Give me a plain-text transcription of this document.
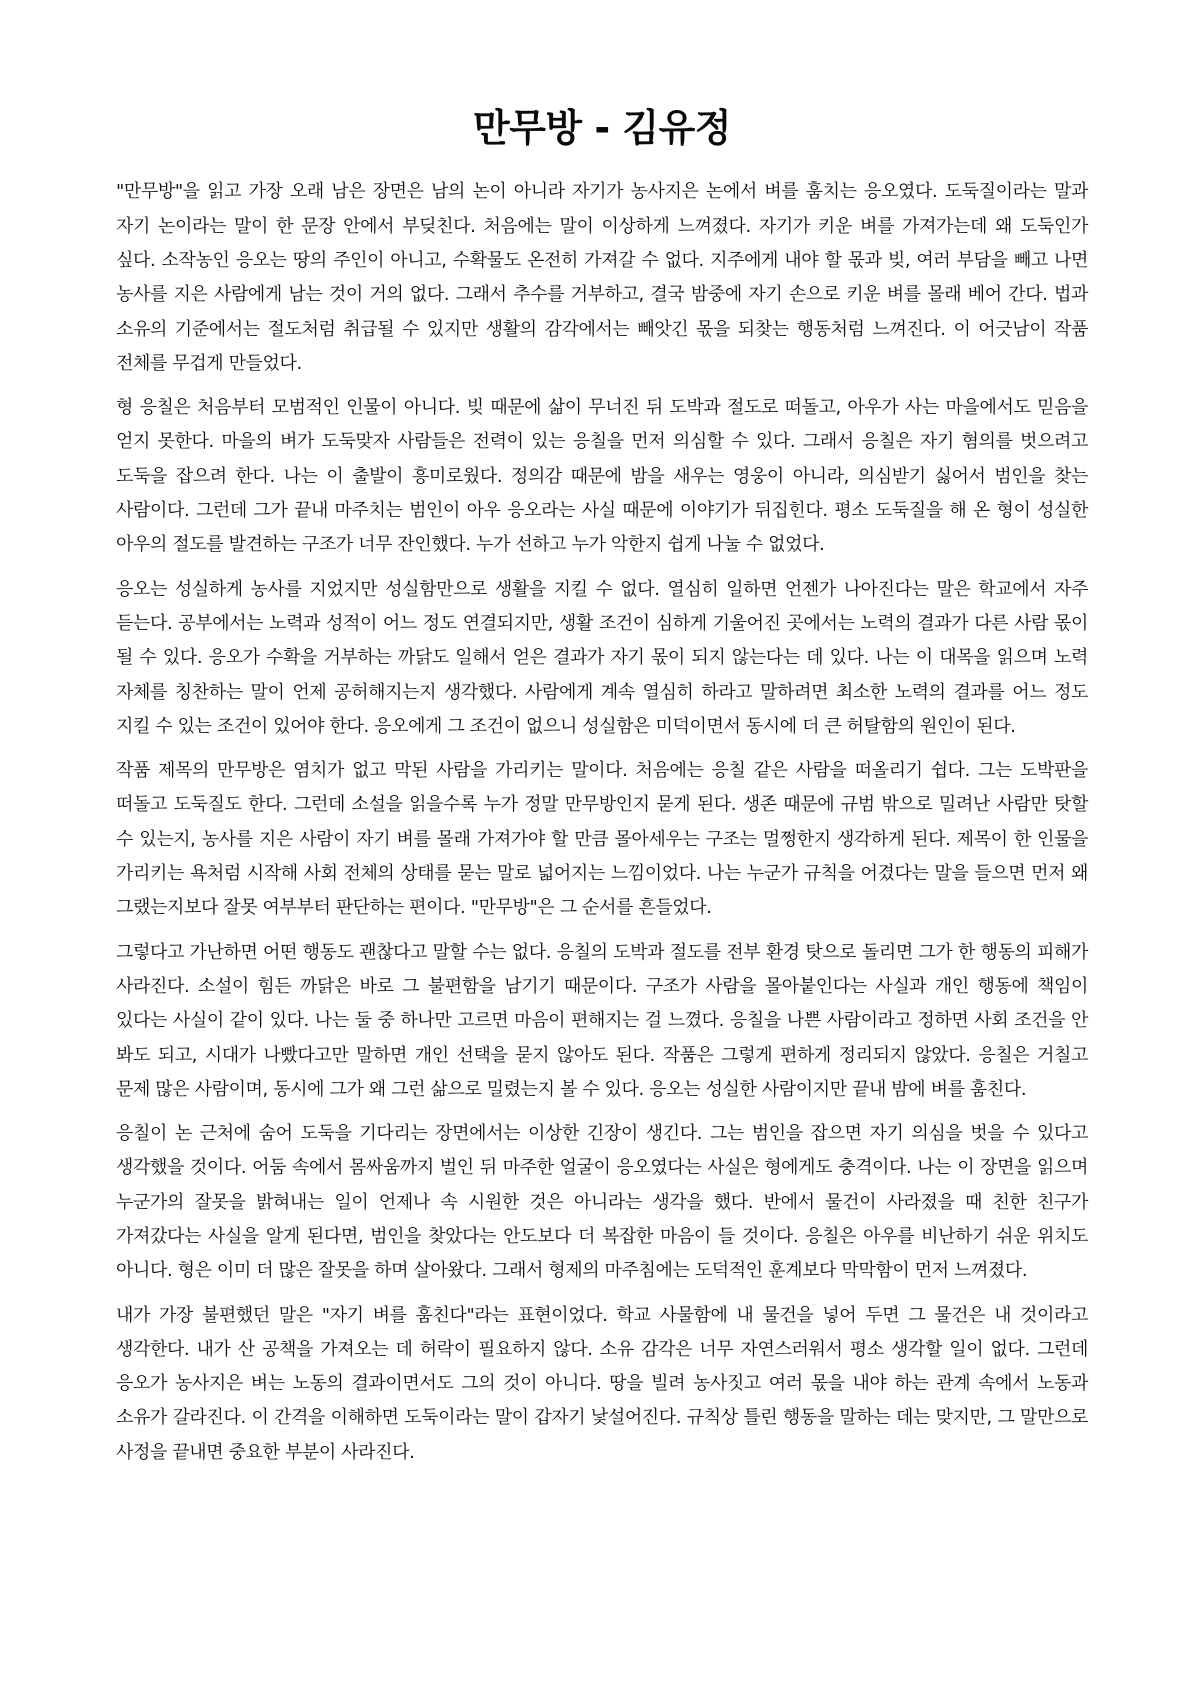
만무방 - 김유정

"만무방"을 읽고 가장 오래 남은 장면은 남의 논이 아니라 자기가 농사지은 논에서 벼를 훔치는 응오였다. 도둑질이라는 말과 자기 논이라는 말이 한 문장 안에서 부딪친다. 처음에는 말이 이상하게 느껴졌다. 자기가 키운 벼를 가져가는데 왜 도둑인가 싶다. 소작농인 응오는 땅의 주인이 아니고, 수확물도 온전히 가져갈 수 없다. 지주에게 내야 할 몫과 빚, 여러 부담을 빼고 나면 농사를 지은 사람에게 남는 것이 거의 없다. 그래서 추수를 거부하고, 결국 밤중에 자기 손으로 키운 벼를 몰래 베어 간다. 법과 소유의 기준에서는 절도처럼 취급될 수 있지만 생활의 감각에서는 빼앗긴 몫을 되찾는 행동처럼 느껴진다. 이 어긋남이 작품 전체를 무겁게 만들었다.

형 응칠은 처음부터 모범적인 인물이 아니다. 빚 때문에 삶이 무너진 뒤 도박과 절도로 떠돌고, 아우가 사는 마을에서도 믿음을 얻지 못한다. 마을의 벼가 도둑맞자 사람들은 전력이 있는 응칠을 먼저 의심할 수 있다. 그래서 응칠은 자기 혐의를 벗으려고 도둑을 잡으려 한다. 나는 이 출발이 흥미로웠다. 정의감 때문에 밤을 새우는 영웅이 아니라, 의심받기 싫어서 범인을 찾는 사람이다. 그런데 그가 끝내 마주치는 범인이 아우 응오라는 사실 때문에 이야기가 뒤집힌다. 평소 도둑질을 해 온 형이 성실한 아우의 절도를 발견하는 구조가 너무 잔인했다. 누가 선하고 누가 악한지 쉽게 나눌 수 없었다.

응오는 성실하게 농사를 지었지만 성실함만으로 생활을 지킬 수 없다. 열심히 일하면 언젠가 나아진다는 말은 학교에서 자주 듣는다. 공부에서는 노력과 성적이 어느 정도 연결되지만, 생활 조건이 심하게 기울어진 곳에서는 노력의 결과가 다른 사람 몫이 될 수 있다. 응오가 수확을 거부하는 까닭도 일해서 얻은 결과가 자기 몫이 되지 않는다는 데 있다. 나는 이 대목을 읽으며 노력 자체를 칭찬하는 말이 언제 공허해지는지 생각했다. 사람에게 계속 열심히 하라고 말하려면 최소한 노력의 결과를 어느 정도 지킬 수 있는 조건이 있어야 한다. 응오에게 그 조건이 없으니 성실함은 미덕이면서 동시에 더 큰 허탈함의 원인이 된다.

작품 제목의 만무방은 염치가 없고 막된 사람을 가리키는 말이다. 처음에는 응칠 같은 사람을 떠올리기 쉽다. 그는 도박판을 떠돌고 도둑질도 한다. 그런데 소설을 읽을수록 누가 정말 만무방인지 묻게 된다. 생존 때문에 규범 밖으로 밀려난 사람만 탓할 수 있는지, 농사를 지은 사람이 자기 벼를 몰래 가져가야 할 만큼 몰아세우는 구조는 멀쩡한지 생각하게 된다. 제목이 한 인물을 가리키는 욕처럼 시작해 사회 전체의 상태를 묻는 말로 넓어지는 느낌이었다. 나는 누군가 규칙을 어겼다는 말을 들으면 먼저 왜 그랬는지보다 잘못 여부부터 판단하는 편이다. "만무방"은 그 순서를 흔들었다.

그렇다고 가난하면 어떤 행동도 괜찮다고 말할 수는 없다. 응칠의 도박과 절도를 전부 환경 탓으로 돌리면 그가 한 행동의 피해가 사라진다. 소설이 힘든 까닭은 바로 그 불편함을 남기기 때문이다. 구조가 사람을 몰아붙인다는 사실과 개인 행동에 책임이 있다는 사실이 같이 있다. 나는 둘 중 하나만 고르면 마음이 편해지는 걸 느꼈다. 응칠을 나쁜 사람이라고 정하면 사회 조건을 안 봐도 되고, 시대가 나빴다고만 말하면 개인 선택을 묻지 않아도 된다. 작품은 그렇게 편하게 정리되지 않았다. 응칠은 거칠고 문제 많은 사람이며, 동시에 그가 왜 그런 삶으로 밀렸는지 볼 수 있다. 응오는 성실한 사람이지만 끝내 밤에 벼를 훔친다.

응칠이 논 근처에 숨어 도둑을 기다리는 장면에서는 이상한 긴장이 생긴다. 그는 범인을 잡으면 자기 의심을 벗을 수 있다고 생각했을 것이다. 어둠 속에서 몸싸움까지 벌인 뒤 마주한 얼굴이 응오였다는 사실은 형에게도 충격이다. 나는 이 장면을 읽으며 누군가의 잘못을 밝혀내는 일이 언제나 속 시원한 것은 아니라는 생각을 했다. 반에서 물건이 사라졌을 때 친한 친구가 가져갔다는 사실을 알게 된다면, 범인을 찾았다는 안도보다 더 복잡한 마음이 들 것이다. 응칠은 아우를 비난하기 쉬운 위치도 아니다. 형은 이미 더 많은 잘못을 하며 살아왔다. 그래서 형제의 마주침에는 도덕적인 훈계보다 막막함이 먼저 느껴졌다.

내가 가장 불편했던 말은 "자기 벼를 훔친다"라는 표현이었다. 학교 사물함에 내 물건을 넣어 두면 그 물건은 내 것이라고 생각한다. 내가 산 공책을 가져오는 데 허락이 필요하지 않다. 소유 감각은 너무 자연스러워서 평소 생각할 일이 없다. 그런데 응오가 농사지은 벼는 노동의 결과이면서도 그의 것이 아니다. 땅을 빌려 농사짓고 여러 몫을 내야 하는 관계 속에서 노동과 소유가 갈라진다. 이 간격을 이해하면 도둑이라는 말이 갑자기 낯설어진다. 규칙상 틀린 행동을 말하는 데는 맞지만, 그 말만으로 사정을 끝내면 중요한 부분이 사라진다.
